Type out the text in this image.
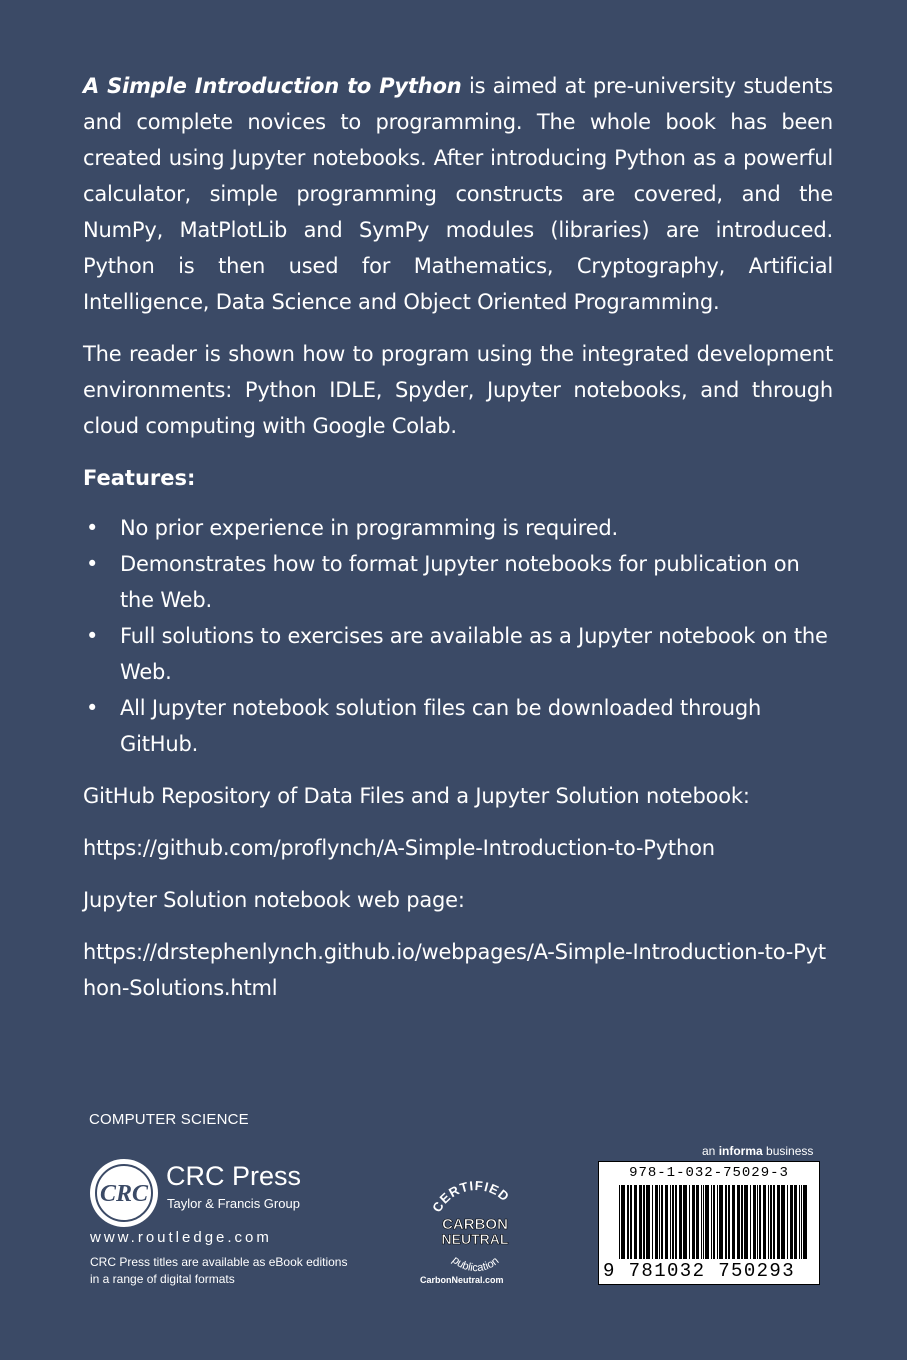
A Simple Introduction to Python is aimed at pre-university students and complete novices to programming. The whole book has been created using Jupyter notebooks. After introducing Python as a powerful calculator, simple programming constructs are covered, and the NumPy, MatPlotLib and SymPy modules (libraries) are introduced. Python is then used for Mathematics, Cryptography, Artificial Intelligence, Data Science and Object Oriented Programming.

The reader is shown how to program using the integrated development environments: Python IDLE, Spyder, Jupyter notebooks, and through cloud computing with Google Colab.

Features:

• No prior experience in programming is required.
• Demonstrates how to format Jupyter notebooks for publication on the Web.
• Full solutions to exercises are available as a Jupyter notebook on the Web.
• All Jupyter notebook solution files can be downloaded through GitHub.

GitHub Repository of Data Files and a Jupyter Solution notebook:

https://github.com/proflynch/A-Simple-Introduction-to-Python

Jupyter Solution notebook web page:

https://drstephenlynch.github.io/webpages/A-Simple-Introduction-to-Python-Solutions.html

COMPUTER SCIENCE
CRC
CRC Press
Taylor & Francis Group
www.routledge.com
CRC Press titles are available as eBook editions in a range of digital formats
CERTIFIED
CARBON
NEUTRAL
publication
CarbonNeutral.com
an informa business
978-1-032-75029-3
9 781032 750293
